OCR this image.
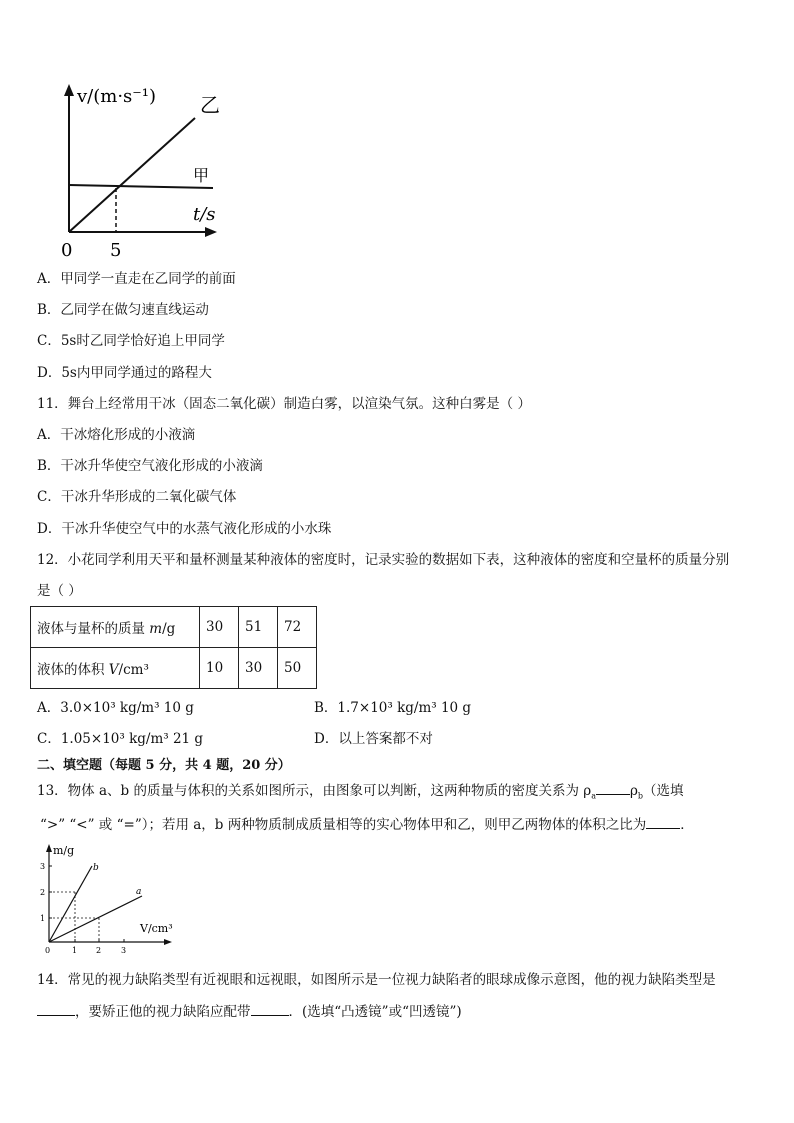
v/(m·s⁻¹)
t/s
0 5
甲
乙
A．甲同学一直走在乙同学的前面
B．乙同学在做匀速直线运动
C．5s时乙同学恰好追上甲同学
D．5s内甲同学通过的路程大
11．舞台上经常用干冰（固态二氧化碳）制造白雾，以渲染气氛。这种白雾是（ ）
A．干冰熔化形成的小液滴
B．干冰升华使空气液化形成的小液滴
C．干冰升华形成的二氧化碳气体
D．干冰升华使空气中的水蒸气液化形成的小水珠
12．小花同学利用天平和量杯测量某种液体的密度时，记录实验的数据如下表，这种液体的密度和空量杯的质量分别
是（ ）
液体与量杯的质量 m/g	30	51	72
液体的体积 V/cm³	10	30	50
A．3.0×10³ kg/m³ 10 g	B．1.7×10³ kg/m³ 10 g
C．1.05×10³ kg/m³ 21 g	D．以上答案都不对
二、填空题（每题 5 分，共 4 题，20 分）
13．物体 a、b 的质量与体积的关系如图所示，由图象可以判断，这两种物质的密度关系为 $\rho_a$	$\rho_b$（选填
“>” “<” 或 “=”）；若用 a，b 两种物质制成质量相等的实心物体甲和乙，则甲乙两物体的体积之比为	．
m/g
V/cm³
b
a
1
2
3
0	1 2 3
14．常见的视力缺陷类型有近视眼和远视眼，如图所示是一位视力缺陷者的眼球成像示意图，他的视力缺陷类型是
，要矫正他的视力缺陷应配带	．(选填“凸透镜”或“凹透镜”)
